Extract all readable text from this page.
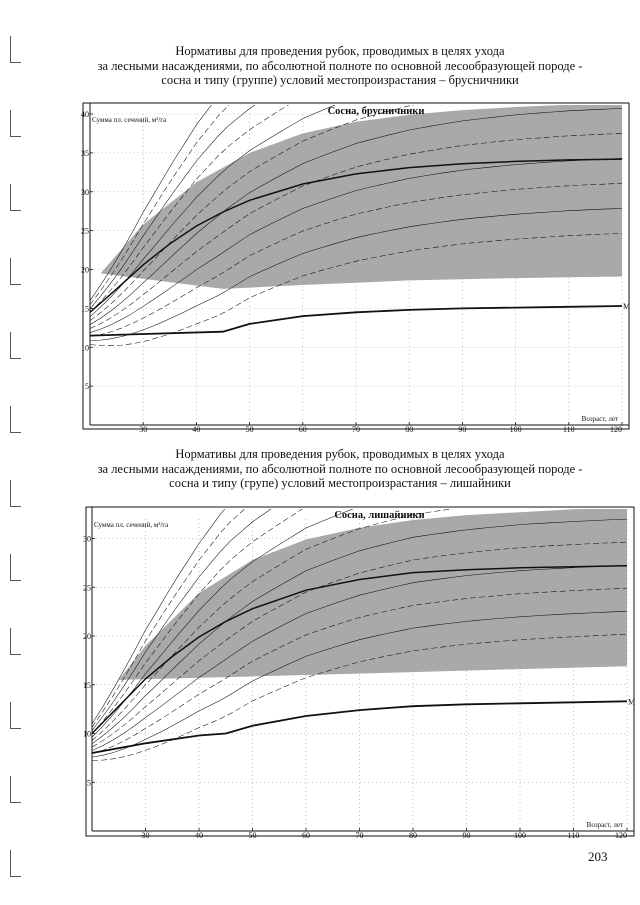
Нормативы для проведения рубок, проводимых в целях ухода
за лесными насаждениями, по абсолютной полноте по основной лесообразующей породе -
сосна и типу (группе) условий местопроизрастания – брусничники
Нормативы для проведения рубок, проводимых в целях ухода
за лесными насаждениями, по абсолютной полноте по основной лесообразующей породе -
сосна и типу (групе) условий местопроизрастания – лишайники
30	40	50	60	70	80	90	100	110	120
5
10
15
20
25
30
35
40	Сосна, брусничники
Сумма пл. сечений, м²/га
Возраст, лет
М
30	40	50	60	70	80	90	100	110	120
5
10
15
20
25
30
Сосна, лишайники
Сумма пл. сечений, м²/га
Возраст, лет
М
203
